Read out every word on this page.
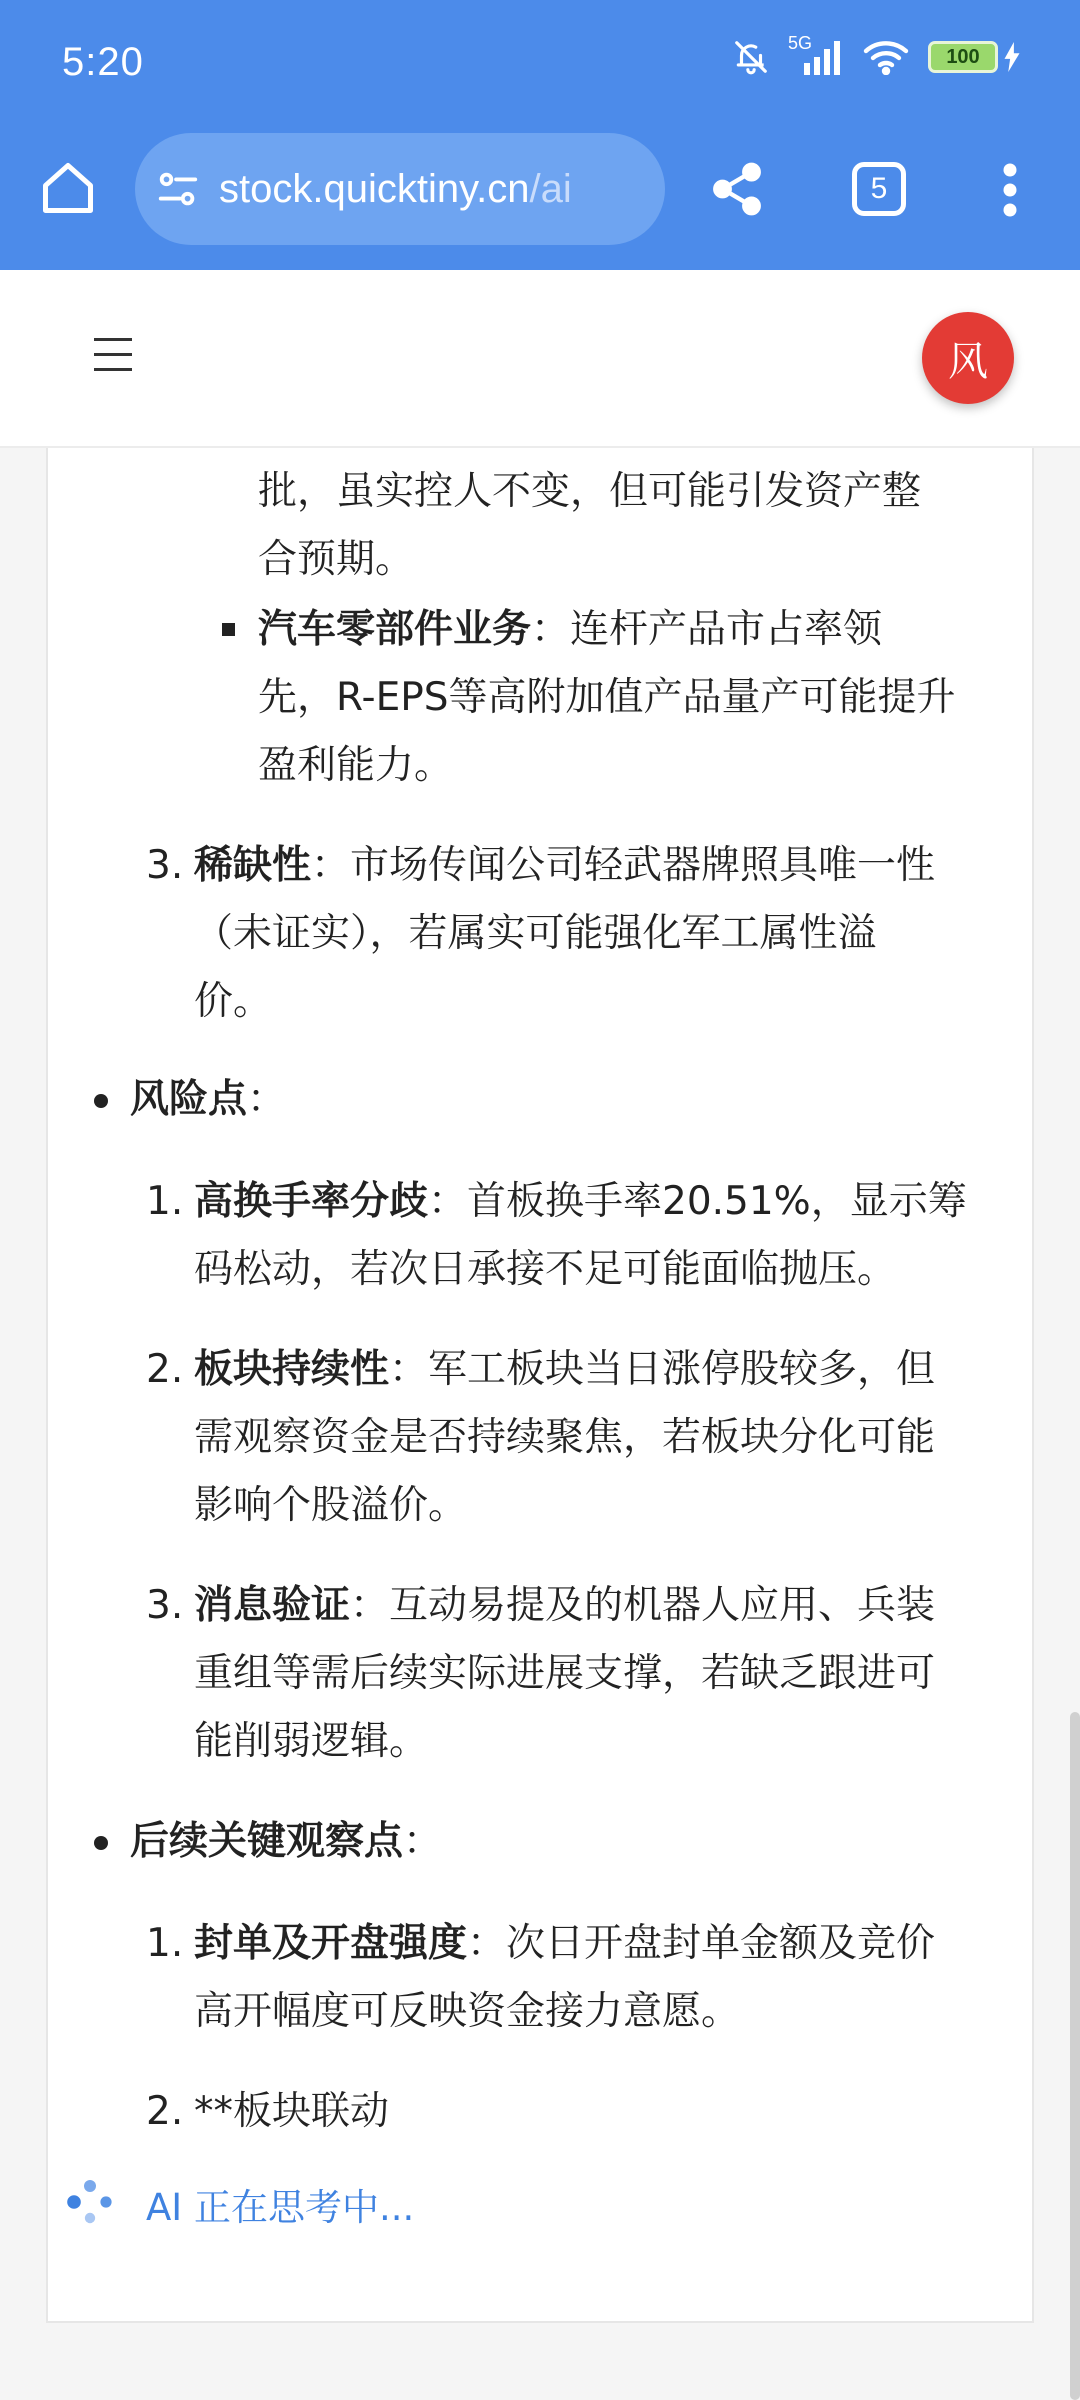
5:20	5G
100
stock.quicktiny.cn/ai	5
风
批，虽实控人不变，但可能引发资产整
合预期。
汽车零部件业务：连杆产品市占率领
先，R-EPS等高附加值产品量产可能提升
盈利能力。
3. 稀缺性：市场传闻公司轻武器牌照具唯一性
（未证实），若属实可能强化军工属性溢
价。
风险点：
1. 高换手率分歧：首板换手率20.51%，显示筹
码松动，若次日承接不足可能面临抛压。
2. 板块持续性：军工板块当日涨停股较多，但
需观察资金是否持续聚焦，若板块分化可能
影响个股溢价。
3. 消息验证：互动易提及的机器人应用、兵装
重组等需后续实际进展支撑，若缺乏跟进可
能削弱逻辑。
后续关键观察点：
1. 封单及开盘强度：次日开盘封单金额及竞价
高开幅度可反映资金接力意愿。
2. **板块联动
AI 正在思考中...
